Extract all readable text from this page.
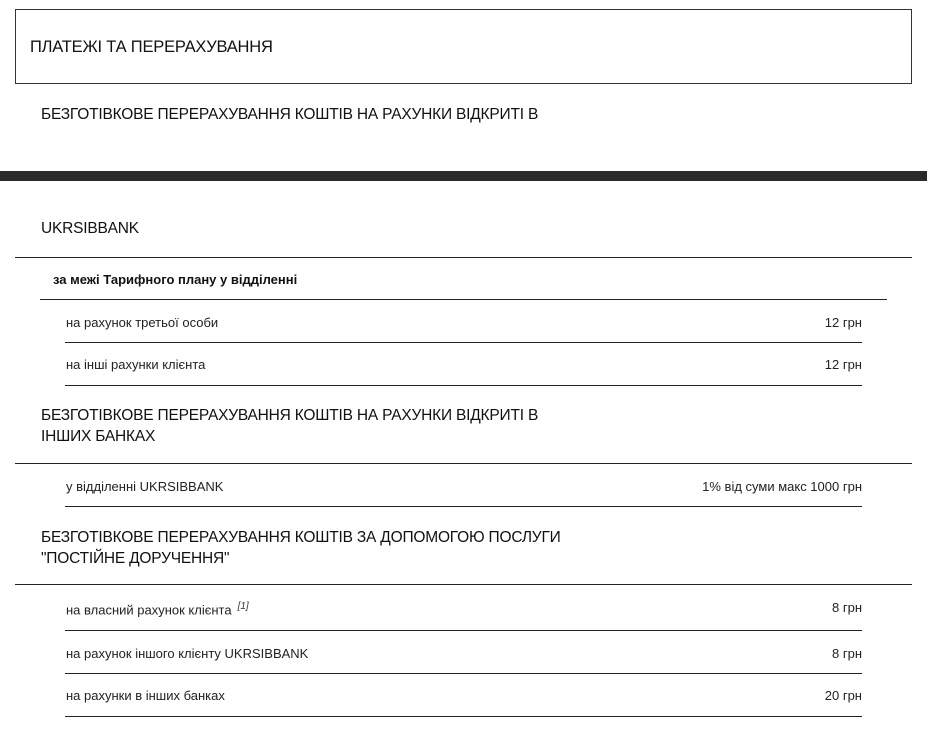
ПЛАТЕЖІ ТА ПЕРЕРАХУВАННЯ
БЕЗГОТІВКОВЕ ПЕРЕРАХУВАННЯ КОШТІВ НА РАХУНКИ ВІДКРИТІ В
UKRSIBBANK
за межі Тарифного плану у відділенні
на рахунок третьої особи	12 грн
на інші рахунки клієнта	12 грн
БЕЗГОТІВКОВЕ ПЕРЕРАХУВАННЯ КОШТІВ НА РАХУНКИ ВІДКРИТІ В ІНШИХ БАНКАХ
у відділенні UKRSIBBANK	1% від суми макс 1000 грн
БЕЗГОТІВКОВЕ ПЕРЕРАХУВАННЯ КОШТІВ ЗА ДОПОМОГОЮ ПОСЛУГИ "ПОСТІЙНЕ ДОРУЧЕННЯ"
на власний рахунок клієнта [1]	8 грн
на рахунок іншого клієнту UKRSIBBANK	8 грн
на рахунки в інших банках	20 грн
